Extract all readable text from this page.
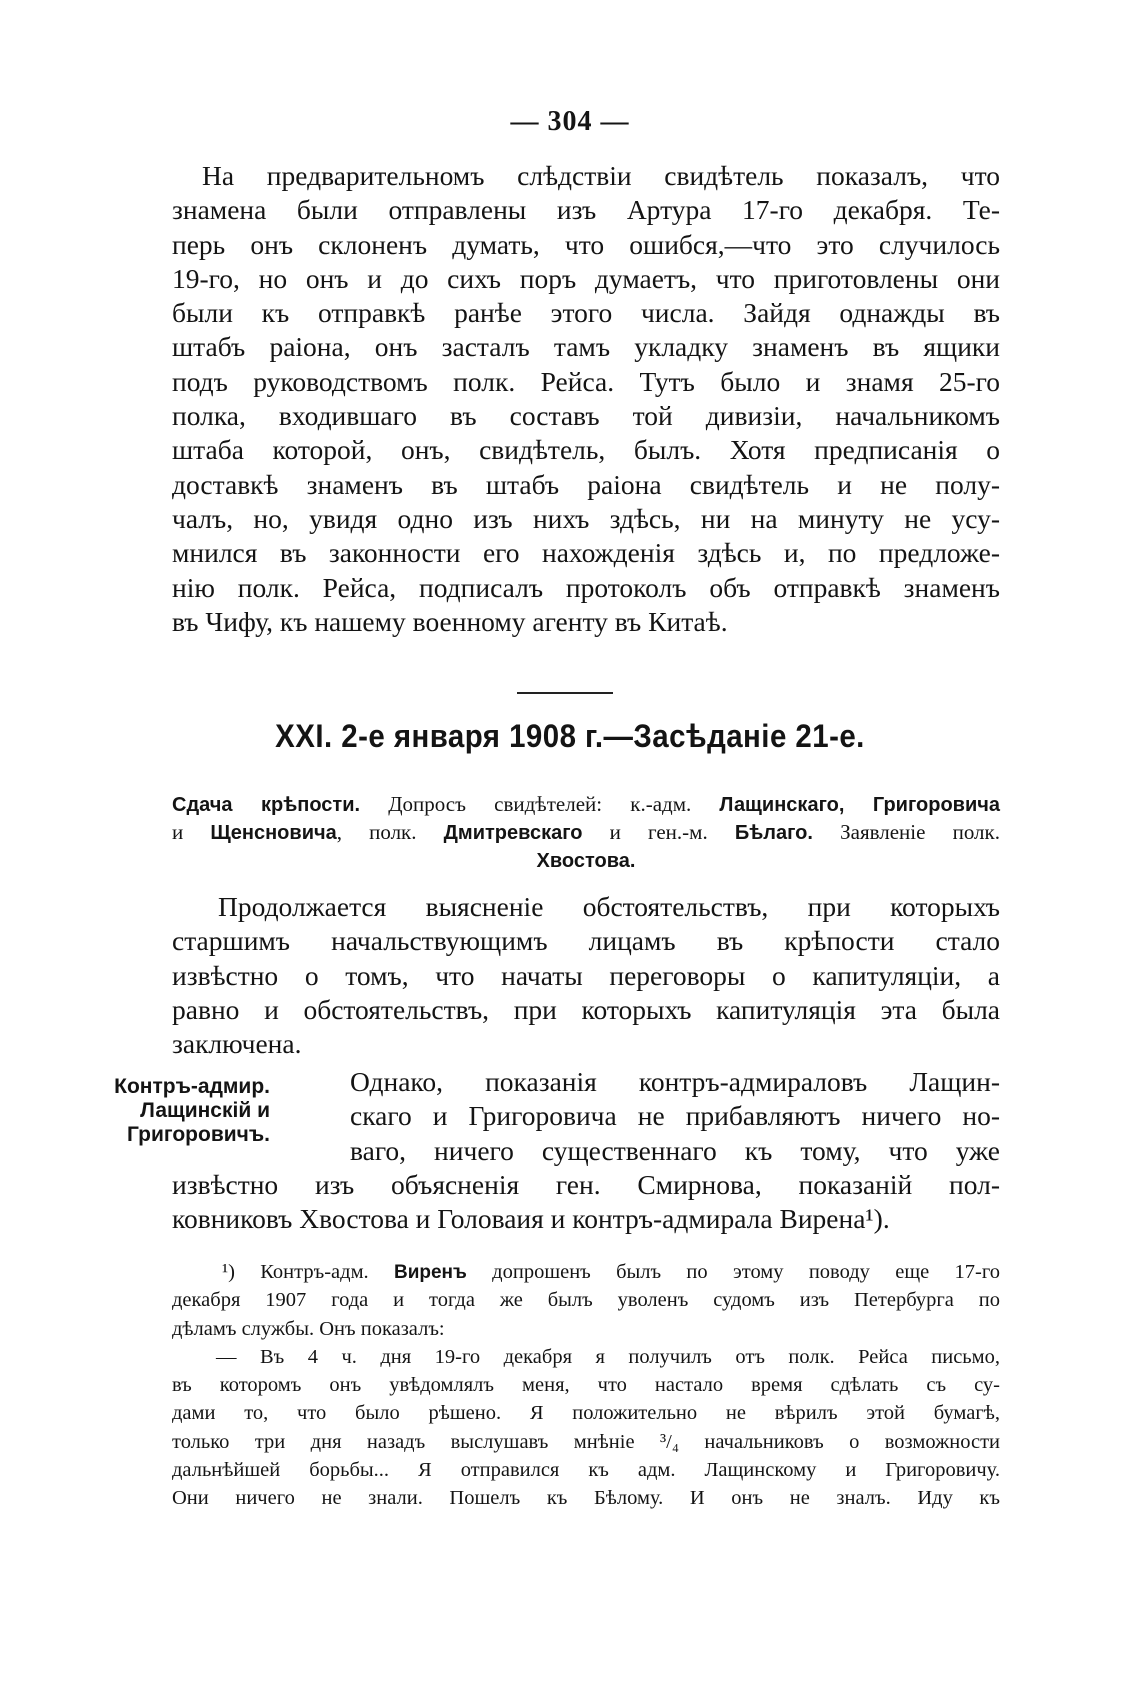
— 304 —
На предварительномъ слѣдствіи свидѣтель показалъ, что
знамена были отправлены изъ Артура 17-го декабря. Те-
перь онъ склоненъ думать, что ошибся,—что это случилось
19-го, но онъ и до сихъ поръ думаетъ, что приготовлены они
были къ отправкѣ ранѣе этого числа. Зайдя однажды въ
штабъ раіона, онъ засталъ тамъ укладку знаменъ въ ящики
подъ руководствомъ полк. Рейса. Тутъ было и знамя 25-го
полка, входившаго въ составъ той дивизіи, начальникомъ
штаба которой, онъ, свидѣтель, былъ. Хотя предписанія о
доставкѣ знаменъ въ штабъ раіона свидѣтель и не полу-
чалъ, но, увидя одно изъ нихъ здѣсь, ни на минуту не усу-
мнился въ законности его нахожденія здѣсь и, по предложе-
нію полк. Рейса, подписалъ протоколъ объ отправкѣ знаменъ
въ Чифу, къ нашему военному агенту въ Китаѣ.
XXI. 2-е января 1908 г.—Засѣданіе 21-е.
Сдача крѣпости. Допросъ свидѣтелей: к.-адм. Лащинскаго, Григоровича
и Щенсновича, полк. Дмитревскаго и ген.-м. Бѣлаго. Заявленіе полк.
Хвостова.
Продолжается выясненіе обстоятельствъ, при которыхъ
старшимъ начальствующимъ лицамъ въ крѣпости стало
извѣстно о томъ, что начаты переговоры о капитуляціи, а
равно и обстоятельствъ, при которыхъ капитуляція эта была
заключена.
Контръ-адмир.
Лащинскій и
Григоровичъ.
Однако, показанія контръ-адмираловъ Лащин-
скаго и Григоровича не прибавляютъ ничего но-
ваго, ничего существеннаго къ тому, что уже
извѣстно изъ объясненія ген. Смирнова, показаній пол-
ковниковъ Хвостова и Головаия и контръ-адмирала Вирена¹).
¹) Контръ-адм. Виренъ допрошенъ былъ по этому поводу еще 17-го
декабря 1907 года и тогда же былъ уволенъ судомъ изъ Петербурга по
дѣламъ службы. Онъ показалъ:
— Въ 4 ч. дня 19-го декабря я получилъ отъ полк. Рейса письмо,
въ которомъ онъ увѣдомлялъ меня, что настало время сдѣлать съ су-
дами то, что было рѣшено. Я положительно не вѣрилъ этой бумагѣ,
только три дня назадъ выслушавъ мнѣніе ³/₄ начальниковъ о возможности
дальнѣйшей борьбы... Я отправился къ адм. Лащинскому и Григоровичу.
Они ничего не знали. Пошелъ къ Бѣлому. И онъ не зналъ. Иду къ
